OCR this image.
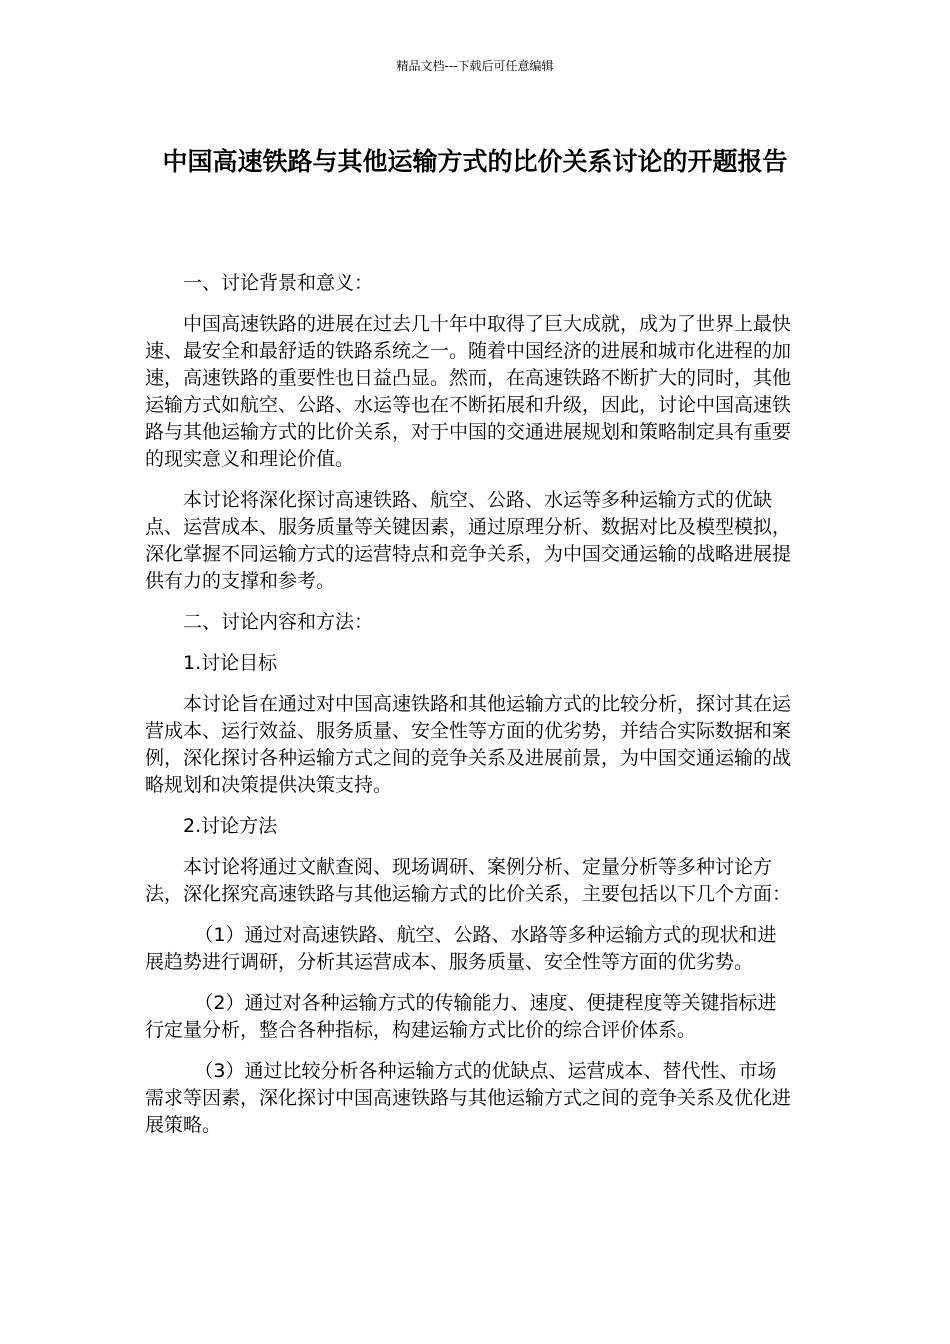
精品文档---下载后可任意编辑
中国高速铁路与其他运输方式的比价关系讨论的开题报告

一、讨论背景和意义：

中国高速铁路的进展在过去几十年中取得了巨大成就，成为了世界上最快速、最安全和最舒适的铁路系统之一。随着中国经济的进展和城市化进程的加速，高速铁路的重要性也日益凸显。然而，在高速铁路不断扩大的同时，其他运输方式如航空、公路、水运等也在不断拓展和升级，因此，讨论中国高速铁路与其他运输方式的比价关系，对于中国的交通进展规划和策略制定具有重要的现实意义和理论价值。

本讨论将深化探讨高速铁路、航空、公路、水运等多种运输方式的优缺点、运营成本、服务质量等关键因素，通过原理分析、数据对比及模型模拟，深化掌握不同运输方式的运营特点和竞争关系，为中国交通运输的战略进展提供有力的支撑和参考。

二、讨论内容和方法：

1.讨论目标

本讨论旨在通过对中国高速铁路和其他运输方式的比较分析，探讨其在运营成本、运行效益、服务质量、安全性等方面的优劣势，并结合实际数据和案例，深化探讨各种运输方式之间的竞争关系及进展前景，为中国交通运输的战略规划和决策提供决策支持。

2.讨论方法

本讨论将通过文献查阅、现场调研、案例分析、定量分析等多种讨论方法，深化探究高速铁路与其他运输方式的比价关系，主要包括以下几个方面：

（1）通过对高速铁路、航空、公路、水路等多种运输方式的现状和进展趋势进行调研，分析其运营成本、服务质量、安全性等方面的优劣势。

（2）通过对各种运输方式的传输能力、速度、便捷程度等关键指标进行定量分析，整合各种指标，构建运输方式比价的综合评价体系。

（3）通过比较分析各种运输方式的优缺点、运营成本、替代性、市场需求等因素，深化探讨中国高速铁路与其他运输方式之间的竞争关系及优化进展策略。
